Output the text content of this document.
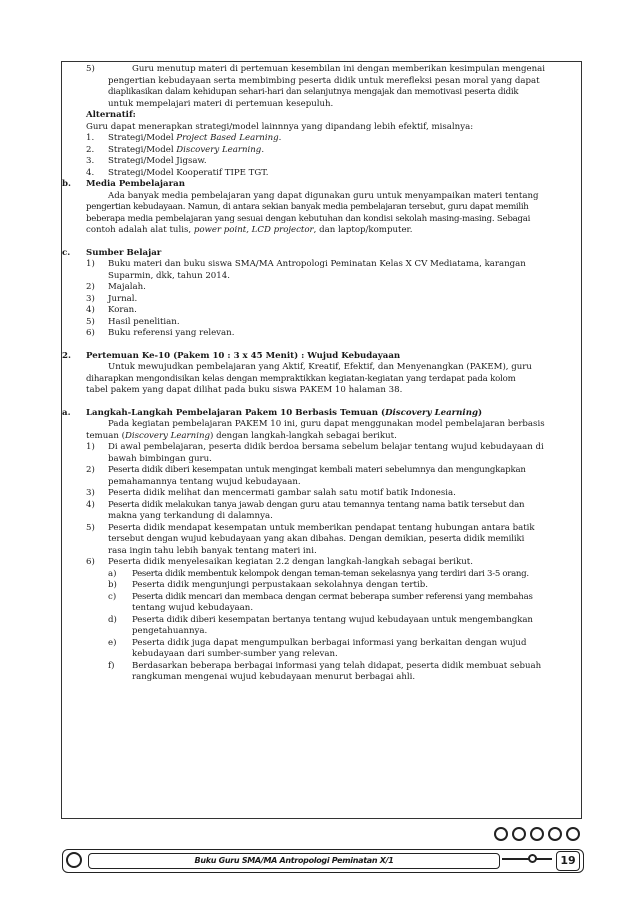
5)	Guru menutup materi di pertemuan kesembilan ini dengan memberikan kesimpulan mengenai
pengertian kebudayaan serta membimbing peserta didik untuk merefleksi pesan moral yang dapat
diaplikasikan dalam kehidupan sehari-hari dan selanjutnya mengajak dan memotivasi peserta didik
untuk mempelajari materi di pertemuan kesepuluh.
Alternatif:
Guru dapat menerapkan strategi/model lainnnya yang dipandang lebih efektif, misalnya:
1. Strategi/Model Project Based Learning.
2. Strategi/Model Discovery Learning.
3. Strategi/Model Jigsaw.
4. Strategi/Model Kooperatif TIPE TGT.
b. Media Pembelajaran
Ada banyak media pembelajaran yang dapat digunakan guru untuk menyampaikan materi tentang
pengertian kebudayaan. Namun, di antara sekian banyak media pembelajaran tersebut, guru dapat memilih
beberapa media pembelajaran yang sesuai dengan kebutuhan dan kondisi sekolah masing-masing. Sebagai
contoh adalah alat tulis, power point, LCD projector, dan laptop/komputer.
c. Sumber Belajar
1) Buku materi dan buku siswa SMA/MA Antropologi Peminatan Kelas X CV Mediatama, karangan
Suparmin, dkk, tahun 2014.
2) Majalah.
3) Jurnal.
4) Koran.
5) Hasil penelitian.
6) Buku referensi yang relevan.
2. Pertemuan Ke-10 (Pakem 10 : 3 x 45 Menit) : Wujud Kebudayaan
Untuk mewujudkan pembelajaran yang Aktif, Kreatif, Efektif, dan Menyenangkan (PAKEM), guru
diharapkan mengondisikan kelas dengan mempraktikkan kegiatan-kegiatan yang terdapat pada kolom
tabel pakem yang dapat dilihat pada buku siswa PAKEM 10 halaman 38.
a. Langkah-Langkah Pembelajaran Pakem 10 Berbasis Temuan (Discovery Learning)
Pada kegiatan pembelajaran PAKEM 10 ini, guru dapat menggunakan model pembelajaran berbasis
temuan (Discovery Learning) dengan langkah-langkah sebagai berikut.
1) Di awal pembelajaran, peserta didik berdoa bersama sebelum belajar tentang wujud kebudayaan di
bawah bimbingan guru.
2) Peserta didik diberi kesempatan untuk mengingat kembali materi sebelumnya dan mengungkapkan
pemahamannya tentang wujud kebudayaan.
3) Peserta didik melihat dan mencermati gambar salah satu motif batik Indonesia.
4) Peserta didik melakukan tanya jawab dengan guru atau temannya tentang nama batik tersebut dan
makna yang terkandung di dalamnya.
5) Peserta didik mendapat kesempatan untuk memberikan pendapat tentang hubungan antara batik
tersebut dengan wujud kebudayaan yang akan dibahas. Dengan demikian, peserta didik memiliki
rasa ingin tahu lebih banyak tentang materi ini.
6) Peserta didik menyelesaikan kegiatan 2.2 dengan langkah-langkah sebagai berikut.
a) Peserta didik membentuk kelompok dengan teman-teman sekelasnya yang terdiri dari 3-5 orang.
b) Peserta didik mengunjungi perpustakaan sekolahnya dengan tertib.
c) Peserta didik mencari dan membaca dengan cermat beberapa sumber referensi yang membahas
tentang wujud kebudayaan.
d) Peserta didik diberi kesempatan bertanya tentang wujud kebudayaan untuk mengembangkan
pengetahuannya.
e) Peserta didik juga dapat mengumpulkan berbagai informasi yang berkaitan dengan wujud
kebudayaan dari sumber-sumber yang relevan.
f) Berdasarkan beberapa berbagai informasi yang telah didapat, peserta didik membuat sebuah
rangkuman mengenai wujud kebudayaan menurut berbagai ahli.
Buku Guru SMA/MA Antropologi Peminatan X/1	19
